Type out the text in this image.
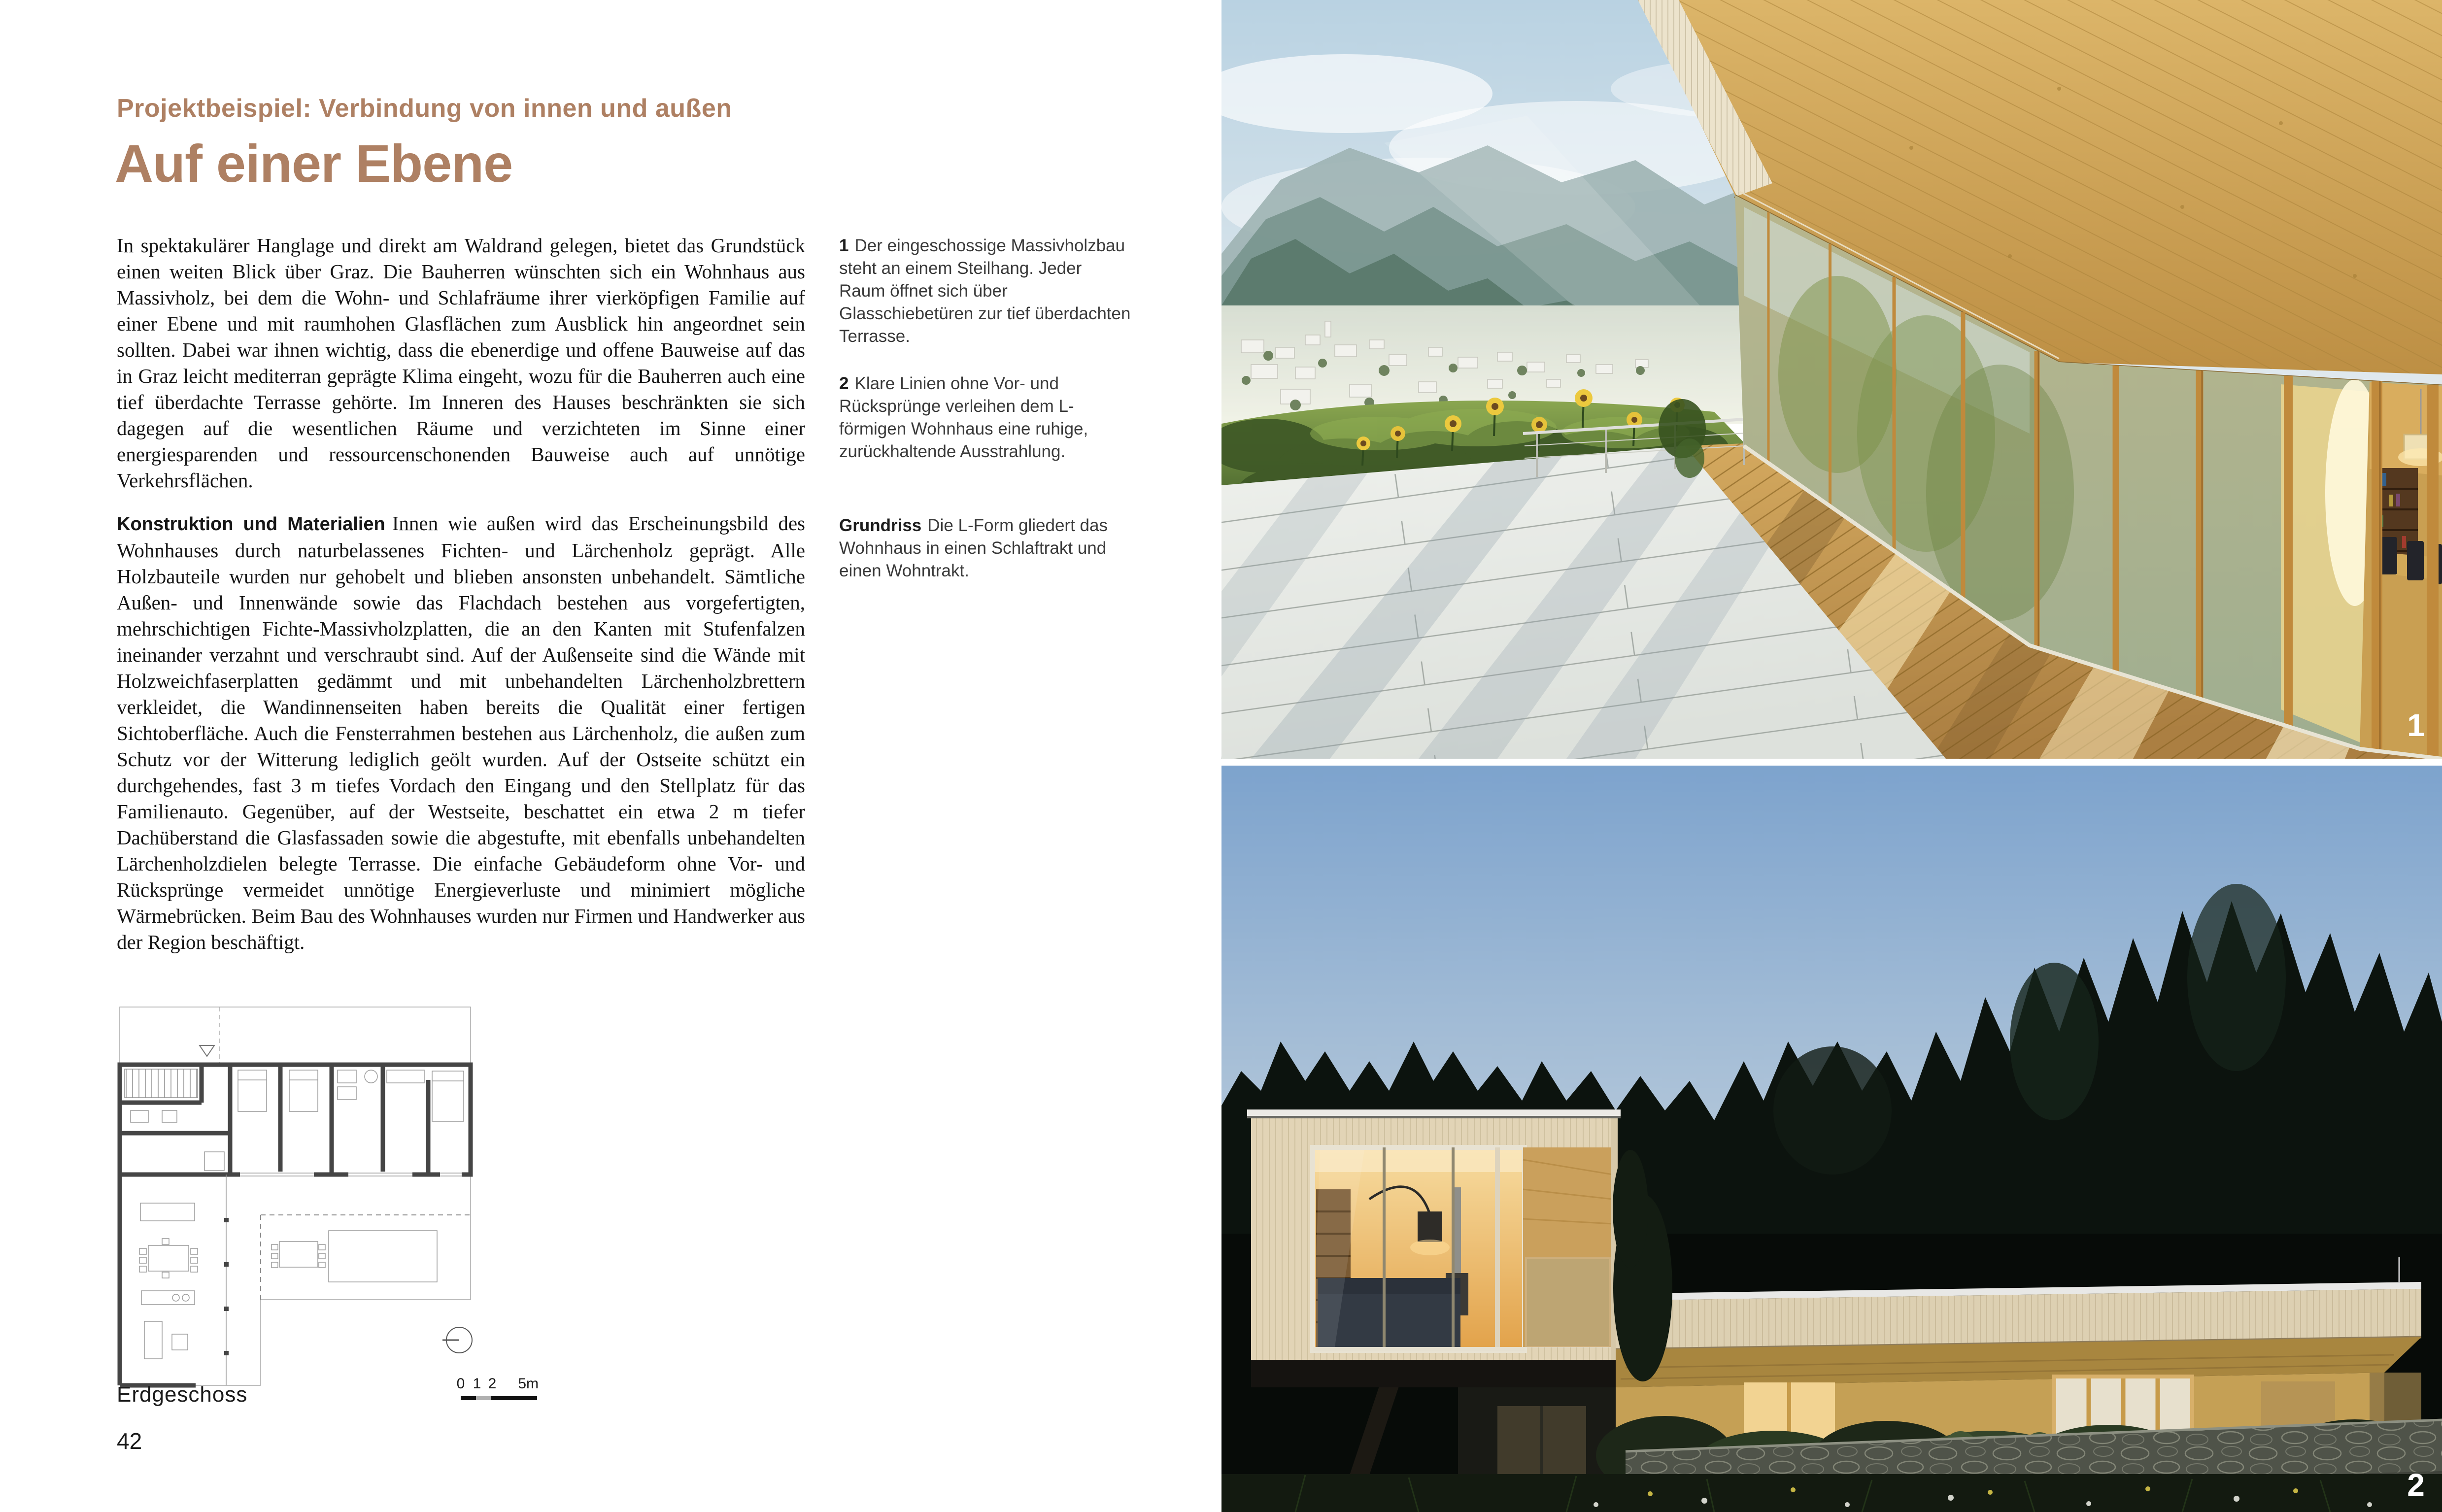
Projektbeispiel: Verbindung von innen und außen
Auf einer Ebene

In spektakulärer Hanglage und direkt am Waldrand gelegen, bietet das Grundstück einen weiten Blick über Graz. Die Bauherren wünschten sich ein Wohnhaus aus Massivholz, bei dem die Wohn- und Schlafräume ihrer vierköpfigen Familie auf einer Ebene und mit raumhohen Glasflächen zum Ausblick hin angeordnet sein sollten. Dabei war ihnen wichtig, dass die ebenerdige und offene Bauweise auf das in Graz leicht mediterran geprägte Klima eingeht, wozu für die Bauherren auch eine tief überdachte Terrasse gehörte. Im Inneren des Hauses beschränkten sie sich dagegen auf die wesentlichen Räume und verzichteten im Sinne einer energiesparenden und ressourcenschonenden Bauweise auch auf unnötige Verkehrsflächen.

Konstruktion und Materialien Innen wie außen wird das Erscheinungsbild des Wohnhauses durch naturbelassenes Fichten- und Lärchenholz geprägt. Alle Holzbauteile wurden nur gehobelt und blieben ansonsten unbehandelt. Sämtliche Außen- und Innenwände sowie das Flachdach bestehen aus vorgefertigten, mehrschichtigen Fichte-Massivholzplatten, die an den Kanten mit Stufenfalzen ineinander verzahnt und verschraubt sind. Auf der Außenseite sind die Wände mit Holzweichfaserplatten gedämmt und mit unbehandelten Lärchenholzbrettern verkleidet, die Wandinnenseiten haben bereits die Qualität einer fertigen Sichtoberfläche. Auch die Fensterrahmen bestehen aus Lärchenholz, die außen zum Schutz vor der Witterung lediglich geölt wurden. Auf der Ostseite schützt ein durchgehendes, fast 3 m tiefes Vordach den Eingang und den Stellplatz für das Familienauto. Gegenüber, auf der Westseite, beschattet ein etwa 2 m tiefer Dachüberstand die Glasfassaden sowie die abgestufte, mit ebenfalls unbehandelten Lärchenholzdielen belegte Terrasse. Die einfache Gebäudeform ohne Vor- und Rücksprünge vermeidet unnötige Energieverluste und minimiert mögliche Wärmebrücken. Beim Bau des Wohnhauses wurden nur Firmen und Handwerker aus der Region beschäftigt.

1 Der eingeschossige Massivholzbau steht an einem Steilhang. Jeder Raum öffnet sich über Glasschiebetüren zur tief überdachten Terrasse.
2 Klare Linien ohne Vor- und Rücksprünge verleihen dem L-förmigen Wohnhaus eine ruhige, zurückhaltende Ausstrahlung.
Grundriss Die L-Form gliedert das Wohnhaus in einen Schlaftrakt und einen Wohntrakt.
0 1 2 5m
Erdgeschoss
42
1
2
